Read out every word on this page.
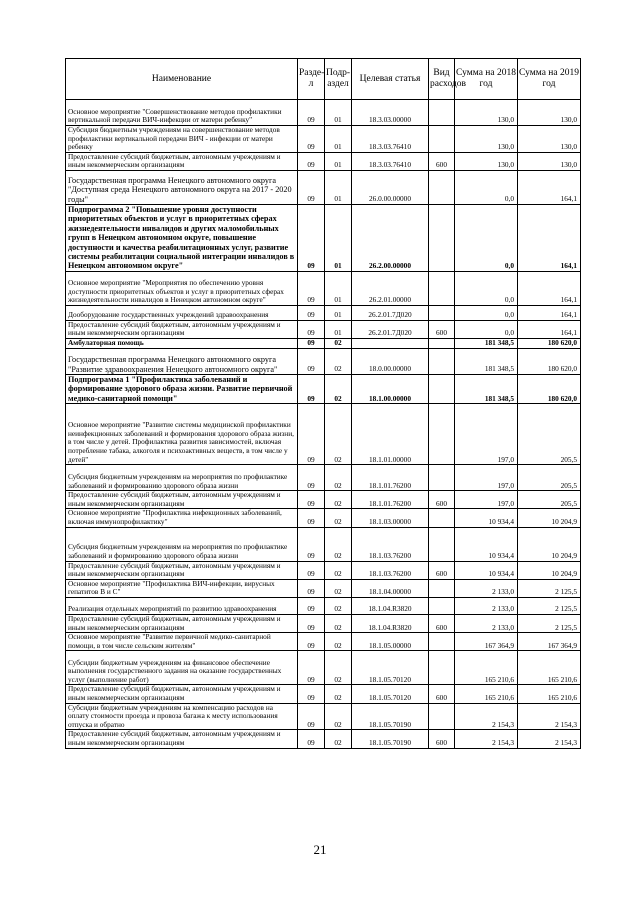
Наименование	Раздел	Подраздел	Целевая статья	Вид расходов	Сумма на 2018 год	Сумма на 2019 год
Основное мероприятие "Совершенствование методов профилактики вертикальной передачи ВИЧ-инфекции от матери ребенку"	09	01	18.3.03.00000		130,0	130,0
Субсидия бюджетным учреждениям на совершенствование методов профилактики вертикальной передачи ВИЧ - инфекции от матери ребенку	09	01	18.3.03.76410		130,0	130,0
Предоставление субсидий бюджетным, автономным учреждениям и иным некоммерческим организациям	09	01	18.3.03.76410	600	130,0	130,0
Государственная программа Ненецкого автономного округа "Доступная среда Ненецкого автономного округа на 2017 - 2020 годы"	09	01	26.0.00.00000		0,0	164,1
Подпрограмма 2 "Повышение уровня доступности приоритетных объектов и услуг в приоритетных сферах жизнедеятельности инвалидов и других маломобильных групп в Ненецком автономном округе, повышение доступности и качества реабилитационных услуг, развитие системы реабилитации социальной интеграции инвалидов в Ненецком автономном округе"	09	01	26.2.00.00000		0,0	164,1
Основное мероприятие "Мероприятия по обеспечению уровня доступности приоритетных объектов и услуг в приоритетных сферах жизнедеятельности инвалидов в Ненецком автономном округе"	09	01	26.2.01.00000		0,0	164,1
Дооборудование государственных учреждений здравоохранения	09	01	26.2.01.7Д020		0,0	164,1
Предоставление субсидий бюджетным, автономным учреждениям и иным некоммерческим организациям	09	01	26.2.01.7Д020	600	0,0	164,1
Амбулаторная помощь	09	02			181 348,5	180 620,0
Государственная программа Ненецкого автономного округа "Развитие здравоохранения Ненецкого автономного округа"	09	02	18.0.00.00000		181 348,5	180 620,0
Подпрограмма 1 "Профилактика заболеваний и формирование здорового образа жизни. Развитие первичной медико-санитарной помощи"	09	02	18.1.00.00000		181 348,5	180 620,0
Основное мероприятие "Развитие системы медицинской профилактики неинфекционных заболеваний и формирования здорового образа жизни, в том числе у детей. Профилактика развития зависимостей, включая потребление табака, алкоголя и психоактивных веществ, в том числе у детей"	09	02	18.1.01.00000		197,0	205,5
Субсидия бюджетным учреждениям на мероприятия по профилактике заболеваний и формированию здорового образа жизни	09	02	18.1.01.76200		197,0	205,5
Предоставление субсидий бюджетным, автономным учреждениям и иным некоммерческим организациям	09	02	18.1.01.76200	600	197,0	205,5
Основное мероприятие "Профилактика инфекционных заболеваний, включая иммунопрофилактику"	09	02	18.1.03.00000		10 934,4	10 204,9
Субсидия бюджетным учреждениям на мероприятия по профилактике заболеваний и формированию здорового образа жизни	09	02	18.1.03.76200		10 934,4	10 204,9
Предоставление субсидий бюджетным, автономным учреждениям и иным некоммерческим организациям	09	02	18.1.03.76200	600	10 934,4	10 204,9
Основное мероприятие "Профилактика ВИЧ-инфекции, вирусных гепатитов В и С"	09	02	18.1.04.00000		2 133,0	2 125,5
Реализация отдельных мероприятий по развитию здравоохранения	09	02	18.1.04.R3820		2 133,0	2 125,5
Предоставление субсидий бюджетным, автономным учреждениям и иным некоммерческим организациям	09	02	18.1.04.R3820	600	2 133,0	2 125,5
Основное мероприятие "Развитие первичной медико-санитарной помощи, в том числе сельским жителям"	09	02	18.1.05.00000		167 364,9	167 364,9
Субсидии бюджетным учреждениям на финансовое обеспечение выполнения государственного задания на оказание государственных услуг (выполнение работ)	09	02	18.1.05.70120		165 210,6	165 210,6
Предоставление субсидий бюджетным, автономным учреждениям и иным некоммерческим организациям	09	02	18.1.05.70120	600	165 210,6	165 210,6
Субсидии бюджетным учреждениям на компенсацию расходов на оплату стоимости проезда и провоза багажа к месту использования отпуска и обратно	09	02	18.1.05.70190		2 154,3	2 154,3
Предоставление субсидий бюджетным, автономным учреждениям и иным некоммерческим организациям	09	02	18.1.05.70190	600	2 154,3	2 154,3
21
